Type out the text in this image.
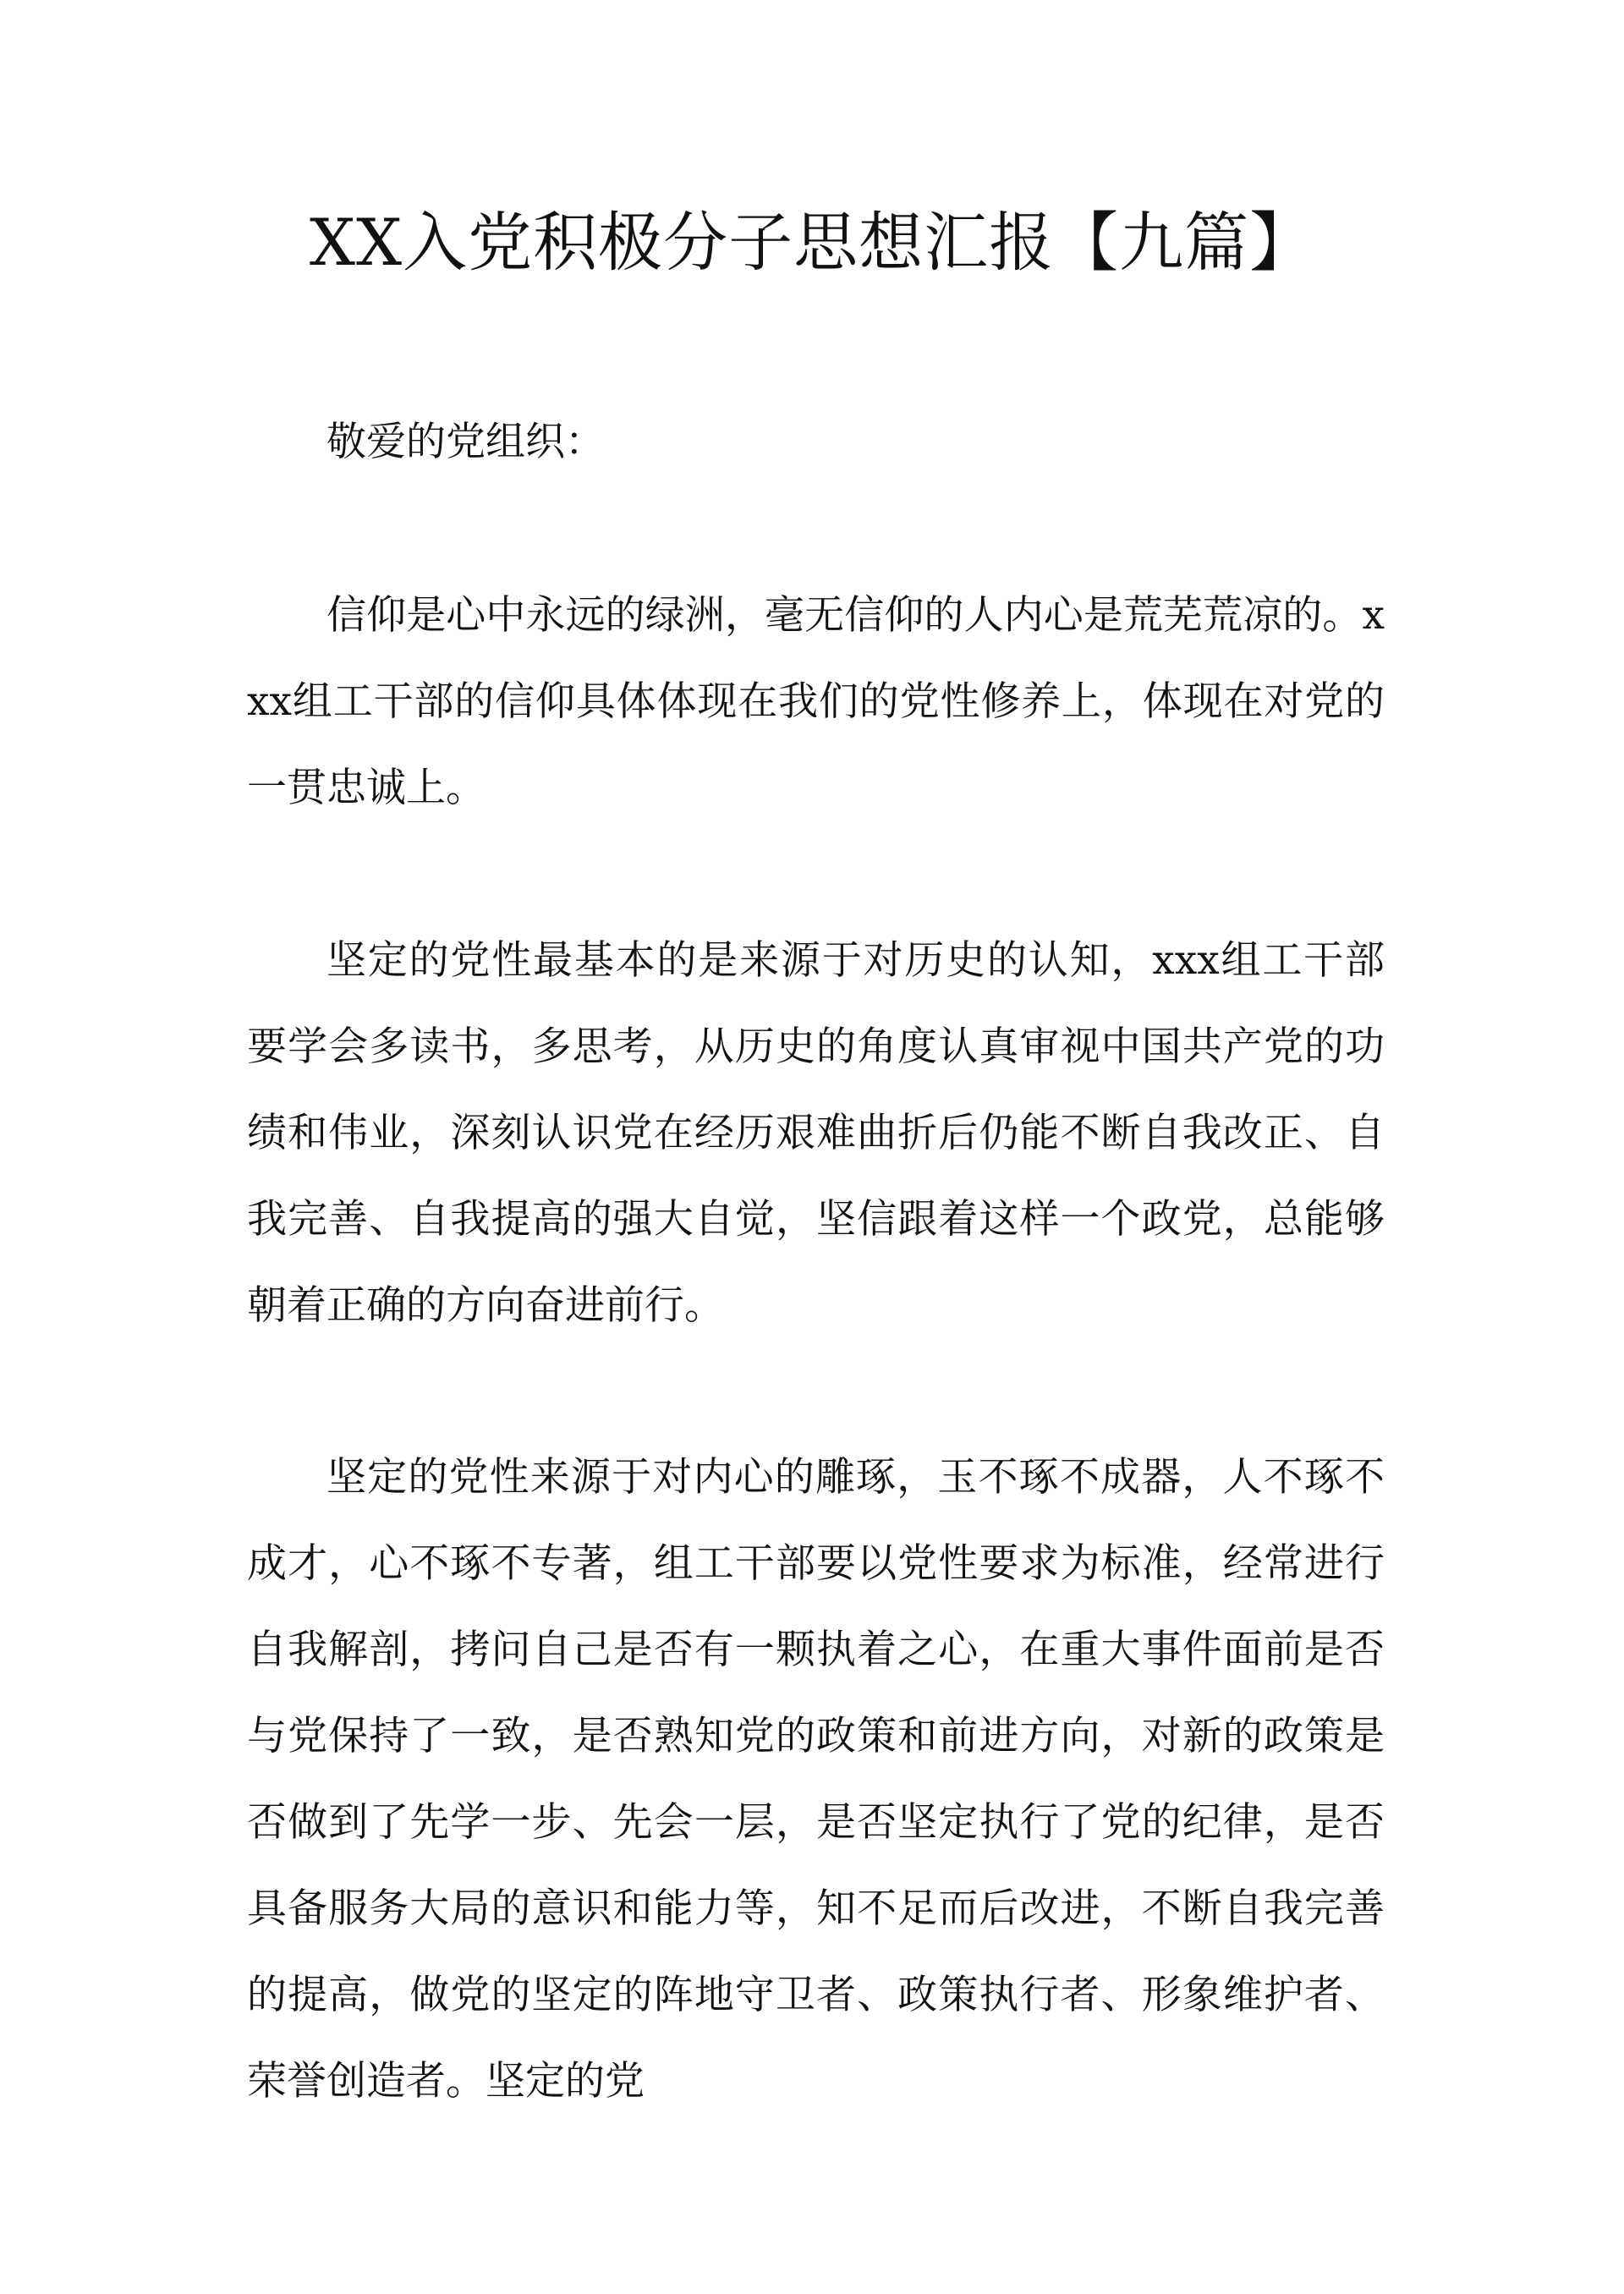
XX入党积极分子思想汇报【九篇】

敬爱的党组织：

信仰是心中永远的绿洲，毫无信仰的人内心是荒芜荒凉的。xxx组工干部的信仰具体体现在我们的党性修养上，体现在对党的一贯忠诚上。

坚定的党性最基本的是来源于对历史的认知，xxx组工干部要学会多读书，多思考，从历史的角度认真审视中国共产党的功绩和伟业，深刻认识党在经历艰难曲折后仍能不断自我改正、自我完善、自我提高的强大自觉，坚信跟着这样一个政党，总能够朝着正确的方向奋进前行。

坚定的党性来源于对内心的雕琢，玉不琢不成器，人不琢不成才，心不琢不专著，组工干部要以党性要求为标准，经常进行自我解剖，拷问自己是否有一颗执着之心，在重大事件面前是否与党保持了一致，是否熟知党的政策和前进方向，对新的政策是否做到了先学一步、先会一层，是否坚定执行了党的纪律，是否具备服务大局的意识和能力等，知不足而后改进，不断自我完善的提高，做党的坚定的阵地守卫者、政策执行者、形象维护者、荣誉创造者。坚定的党
